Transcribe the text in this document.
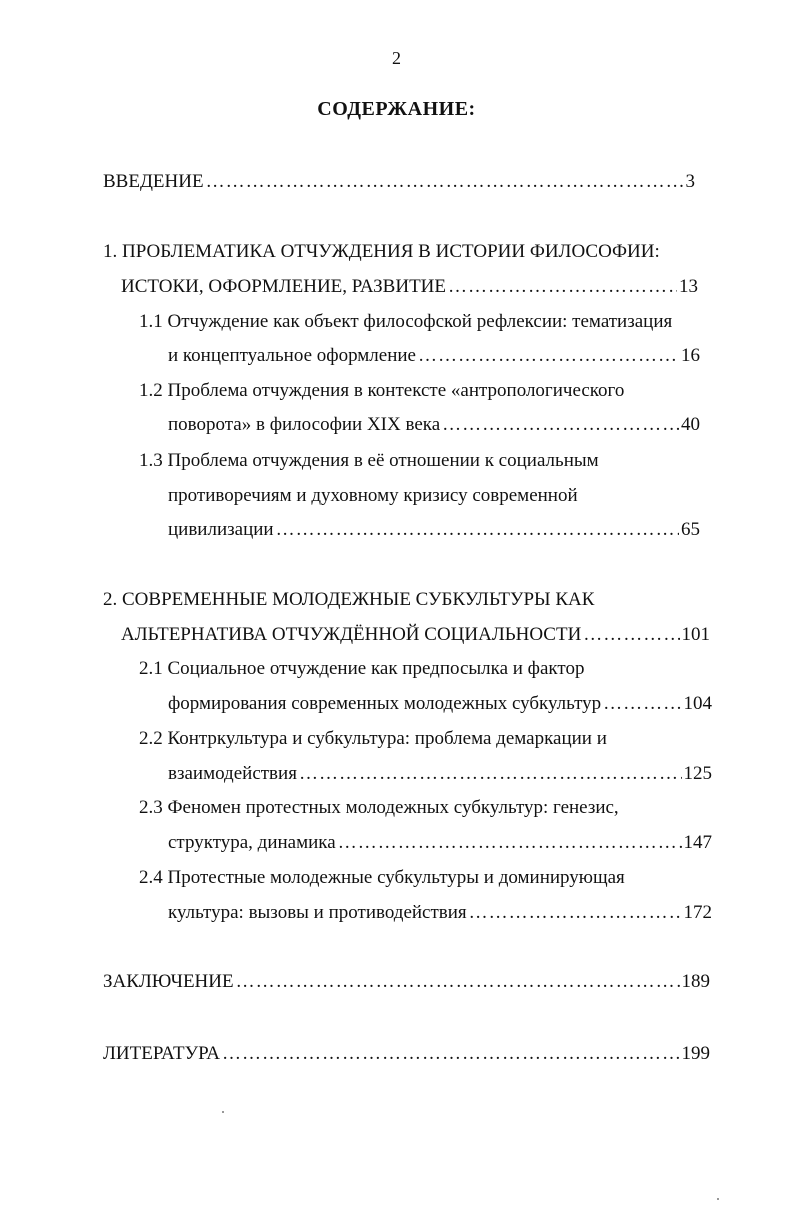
2
СОДЕРЖАНИЕ:
ВВЕДЕНИЕ ……………………………………………………………………………………………………………………………………	3
1. ПРОБЛЕМАТИКА ОТЧУЖДЕНИЯ В ИСТОРИИ ФИЛОСОФИИ:
ИСТОКИ, ОФОРМЛЕНИЕ, РАЗВИТИЕ ……………………………………………………………………………………………………………………………………	13
1.1 Отчуждение как объект философской рефлексии: тематизация
и концептуальное оформление ……………………………………………………………………………………………………………………………………	16
1.2 Проблема отчуждения в контексте «антропологического
поворота» в философии XIX века ……………………………………………………………………………………………………………………………………	40
1.3 Проблема отчуждения в её отношении к социальным
противоречиям и духовному кризису современной
цивилизации ……………………………………………………………………………………………………………………………………	65
2. СОВРЕМЕННЫЕ МОЛОДЕЖНЫЕ СУБКУЛЬТУРЫ КАК
АЛЬТЕРНАТИВА ОТЧУЖДЁННОЙ СОЦИАЛЬНОСТИ ……………………………………………………………………………………………………………………………………	101
2.1 Социальное отчуждение как предпосылка и фактор
формирования современных молодежных субкультур ……………………………………………………………………………………………………………………………………	104
2.2 Контркультура и субкультура: проблема демаркации и
взаимодействия ……………………………………………………………………………………………………………………………………	125
2.3 Феномен протестных молодежных субкультур: генезис,
структура, динамика ……………………………………………………………………………………………………………………………………	147
2.4 Протестные молодежные субкультуры и доминирующая
культура: вызовы и противодействия ……………………………………………………………………………………………………………………………………	172
ЗАКЛЮЧЕНИЕ ……………………………………………………………………………………………………………………………………	189
ЛИТЕРАТУРА ……………………………………………………………………………………………………………………………………	199
